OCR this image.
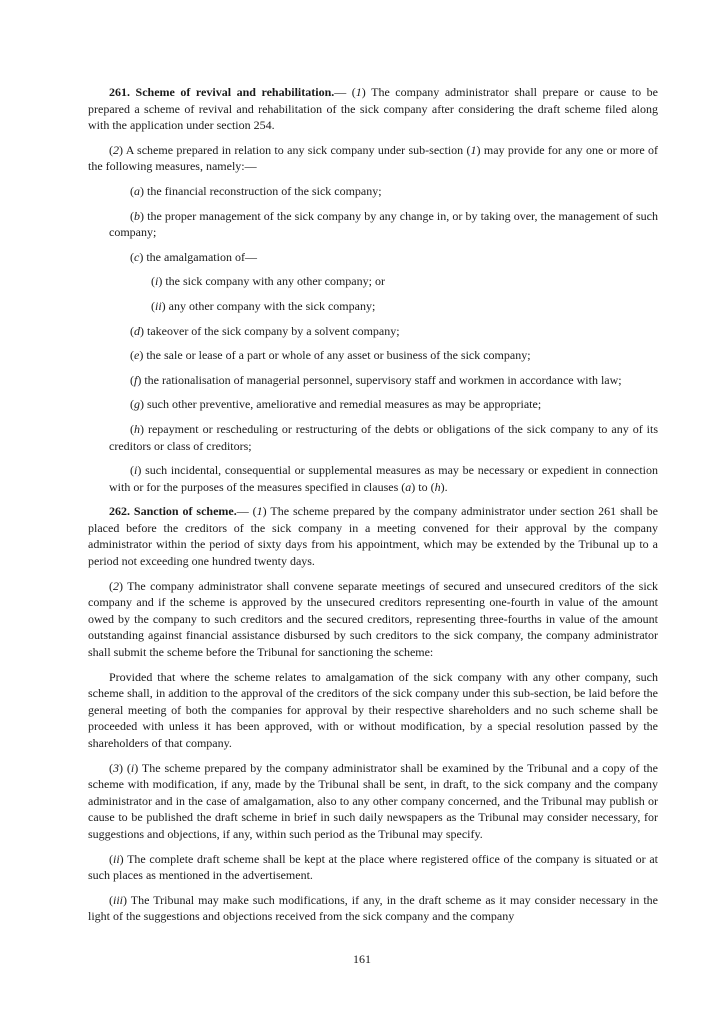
261. Scheme of revival and rehabilitation.— (1) The company administrator shall prepare or cause to be prepared a scheme of revival and rehabilitation of the sick company after considering the draft scheme filed along with the application under section 254.

(2) A scheme prepared in relation to any sick company under sub-section (1) may provide for any one or more of the following measures, namely:—

(a) the financial reconstruction of the sick company;

(b) the proper management of the sick company by any change in, or by taking over, the management of such company;

(c) the amalgamation of—

(i) the sick company with any other company; or

(ii) any other company with the sick company;

(d) takeover of the sick company by a solvent company;

(e) the sale or lease of a part or whole of any asset or business of the sick company;

(f) the rationalisation of managerial personnel, supervisory staff and workmen in accordance with law;

(g) such other preventive, ameliorative and remedial measures as may be appropriate;

(h) repayment or rescheduling or restructuring of the debts or obligations of the sick company to any of its creditors or class of creditors;

(i) such incidental, consequential or supplemental measures as may be necessary or expedient in connection with or for the purposes of the measures specified in clauses (a) to (h).

262. Sanction of scheme.— (1) The scheme prepared by the company administrator under section 261 shall be placed before the creditors of the sick company in a meeting convened for their approval by the company administrator within the period of sixty days from his appointment, which may be extended by the Tribunal up to a period not exceeding one hundred twenty days.

(2) The company administrator shall convene separate meetings of secured and unsecured creditors of the sick company and if the scheme is approved by the unsecured creditors representing one-fourth in value of the amount owed by the company to such creditors and the secured creditors, representing three-fourths in value of the amount outstanding against financial assistance disbursed by such creditors to the sick company, the company administrator shall submit the scheme before the Tribunal for sanctioning the scheme:

Provided that where the scheme relates to amalgamation of the sick company with any other company, such scheme shall, in addition to the approval of the creditors of the sick company under this sub-section, be laid before the general meeting of both the companies for approval by their respective shareholders and no such scheme shall be proceeded with unless it has been approved, with or without modification, by a special resolution passed by the shareholders of that company.

(3) (i) The scheme prepared by the company administrator shall be examined by the Tribunal and a copy of the scheme with modification, if any, made by the Tribunal shall be sent, in draft, to the sick company and the company administrator and in the case of amalgamation, also to any other company concerned, and the Tribunal may publish or cause to be published the draft scheme in brief in such daily newspapers as the Tribunal may consider necessary, for suggestions and objections, if any, within such period as the Tribunal may specify.

(ii) The complete draft scheme shall be kept at the place where registered office of the company is situated or at such places as mentioned in the advertisement.

(iii) The Tribunal may make such modifications, if any, in the draft scheme as it may consider necessary in the light of the suggestions and objections received from the sick company and the company

161
